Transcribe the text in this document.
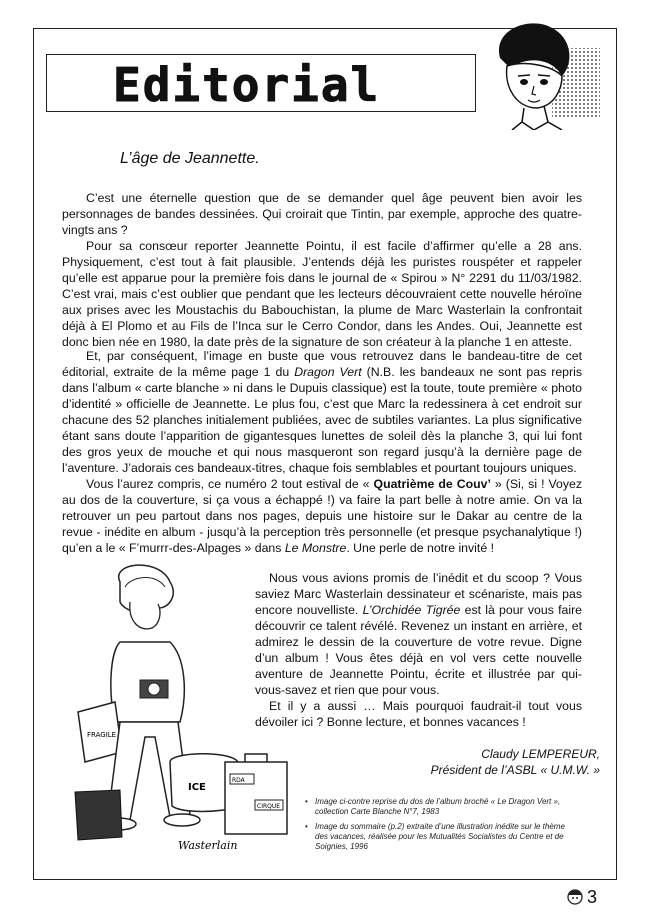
Editorial
L’âge de Jeannette.

C’est une éternelle question que de se demander quel âge peuvent bien avoir les personnages de bandes dessinées. Qui croirait que Tintin, par exemple, approche des quatre-vingts ans ?

Pour sa consœur reporter Jeannette Pointu, il est facile d’affirmer qu’elle a 28 ans. Physiquement, c’est tout à fait plausible. J’entends déjà les puristes rouspéter et rappeler qu’elle est apparue pour la première fois dans le journal de « Spirou » N° 2291 du 11/03/1982. C’est vrai, mais c’est oublier que pendant que les lecteurs découvraient cette nouvelle héroïne aux prises avec les Moustachis du Babouchistan, la plume de Marc Wasterlain la confrontait déjà à El Plomo et au Fils de l’Inca sur le Cerro Condor, dans les Andes. Oui, Jeannette est donc bien née en 1980, la date près de la signature de son créateur à la planche 1 en atteste.

Et, par conséquent, l’image en buste que vous retrouvez dans le bandeau-titre de cet éditorial, extraite de la même page 1 du Dragon Vert (N.B. les bandeaux ne sont pas repris dans l’album « carte blanche » ni dans le Dupuis classique) est la toute, toute première « photo d’identité » officielle de Jeannette. Le plus fou, c’est que Marc la redessinera à cet endroit sur chacune des 52 planches initialement publiées, avec de subtiles variantes. La plus significative étant sans doute l’apparition de gigantesques lunettes de soleil dès la planche 3, qui lui font des gros yeux de mouche et qui nous masqueront son regard jusqu’à la dernière page de l’aventure. J’adorais ces bandeaux-titres, chaque fois semblables et pourtant toujours uniques.

Vous l’aurez compris, ce numéro 2 tout estival de « Quatrième de Couv’ » (Si, si ! Voyez au dos de la couverture, si ça vous a échappé !) va faire la part belle à notre amie. On va la retrouver un peu partout dans nos pages, depuis une histoire sur le Dakar au centre de la revue - inédite en album - jusqu’à la perception très personnelle (et presque psychanalytique !) qu’en a le « F’murrr-des-Alpages » dans Le Monstre. Une perle de notre invité !

FRAGILE
ICE
RDA
CIRQUE
Wasterlain

Nous vous avions promis de l’inédit et du scoop ? Vous saviez Marc Wasterlain dessinateur et scénariste, mais pas encore nouvelliste. L’Orchidée Tigrée est là pour vous faire découvrir ce talent révélé. Revenez un instant en arrière, et admirez le dessin de la couverture de votre revue. Digne d’un album ! Vous êtes déjà en vol vers cette nouvelle aventure de Jeannette Pointu, écrite et illustrée par qui-vous-savez et rien que pour vous.

Et il y a aussi … Mais pourquoi faudrait-il tout vous dévoiler ici ? Bonne lecture, et bonnes vacances !

Claudy LEMPEREUR,
Président de l’ASBL « U.M.W. »
• Image ci-contre reprise du dos de l’album broché « Le Dragon Vert », collection Carte Blanche N°7, 1983
• Image du sommaire (p.2) extraite d’une illustration inédite sur le thème des vacances, réalisée pour les Mutualités Socialistes du Centre et de Soignies, 1996
3
